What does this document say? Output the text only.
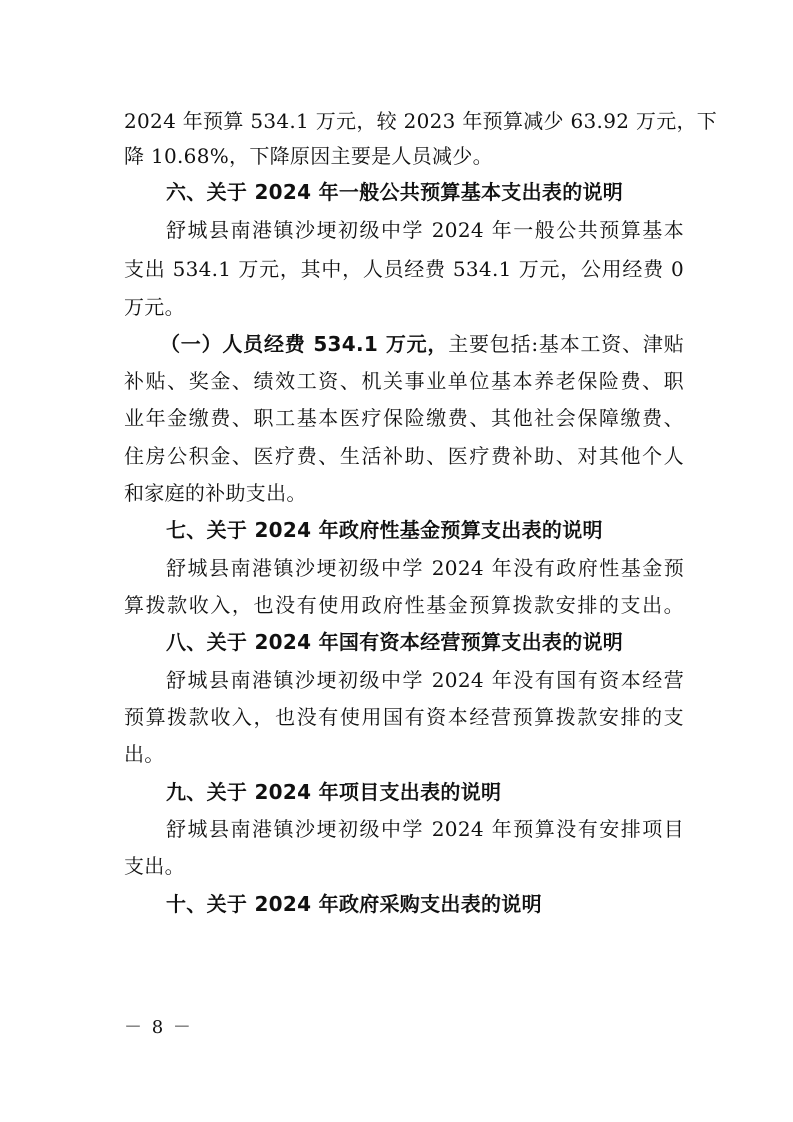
2024 年预算 534.1 万元，较 2023 年预算减少 63.92 万元，下
降 10.68%，下降原因主要是人员减少。
六、关于 2024 年一般公共预算基本支出表的说明
舒城县南港镇沙埂初级中学 2024 年一般公共预算基本
支出 534.1 万元，其中，人员经费 534.1 万元，公用经费 0
万元。
（一）人员经费 534.1 万元，主要包括:基本工资、津贴
补贴、奖金、绩效工资、机关事业单位基本养老保险费、职
业年金缴费、职工基本医疗保险缴费、其他社会保障缴费、
住房公积金、医疗费、生活补助、医疗费补助、对其他个人
和家庭的补助支出。
七、关于 2024 年政府性基金预算支出表的说明
舒城县南港镇沙埂初级中学 2024 年没有政府性基金预
算拨款收入，也没有使用政府性基金预算拨款安排的支出。
八、关于 2024 年国有资本经营预算支出表的说明
舒城县南港镇沙埂初级中学 2024 年没有国有资本经营
预算拨款收入，也没有使用国有资本经营预算拨款安排的支
出。
九、关于 2024 年项目支出表的说明
舒城县南港镇沙埂初级中学 2024 年预算没有安排项目
支出。
十、关于 2024 年政府采购支出表的说明
－ 8 －
